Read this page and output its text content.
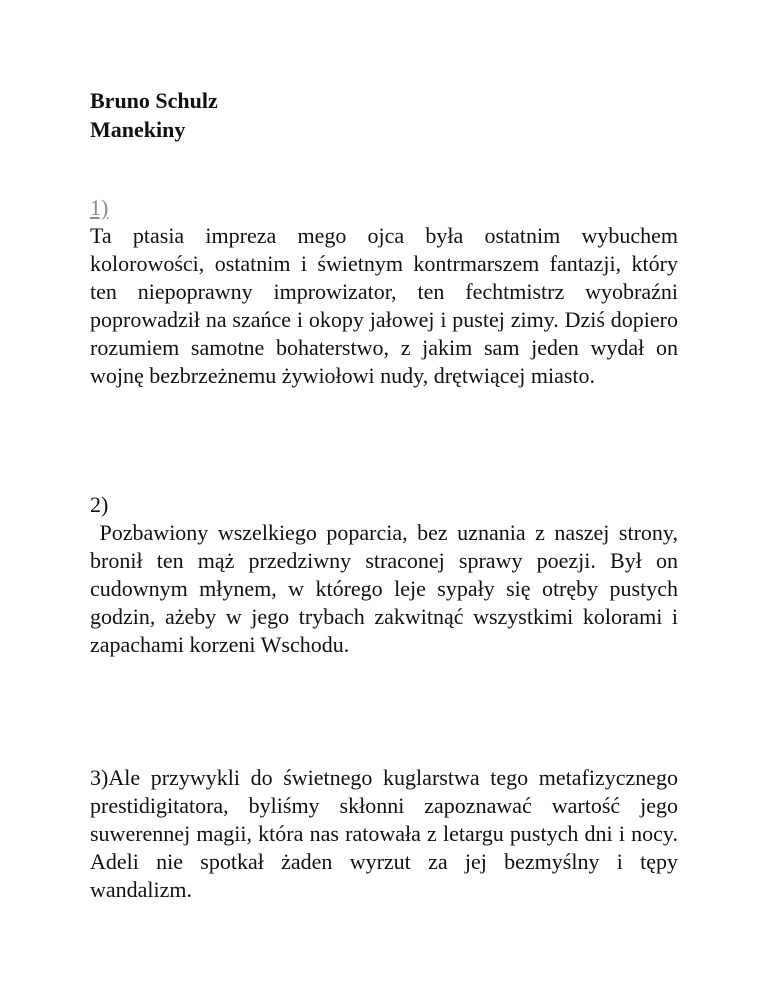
Bruno Schulz

Manekiny

1)

Ta ptasia impreza mego ojca była ostatnim wybuchem kolorowości, ostatnim i świetnym kontrmarszem fantazji, który ten niepoprawny improwizator, ten fechtmistrz wyobraźni poprowadził na szańce i okopy jałowej i pustej zimy. Dziś dopiero rozumiem samotne bohaterstwo, z jakim sam jeden wydał on wojnę bezbrzeżnemu żywiołowi nudy, drętwiącej miasto.

2)

Pozbawiony wszelkiego poparcia, bez uznania z naszej strony, bronił ten mąż przedziwny straconej sprawy poezji. Był on cudownym młynem, w którego leje sypały się otręby pustych godzin, ażeby w jego trybach zakwitnąć wszystkimi kolorami i zapachami korzeni Wschodu.

3)Ale przywykli do świetnego kuglarstwa tego metafizycznego prestidigitatora, byliśmy skłonni zapoznawać wartość jego suwerennej magii, która nas ratowała z letargu pustych dni i nocy. Adeli nie spotkał żaden wyrzut za jej bezmyślny i tępy wandalizm.
